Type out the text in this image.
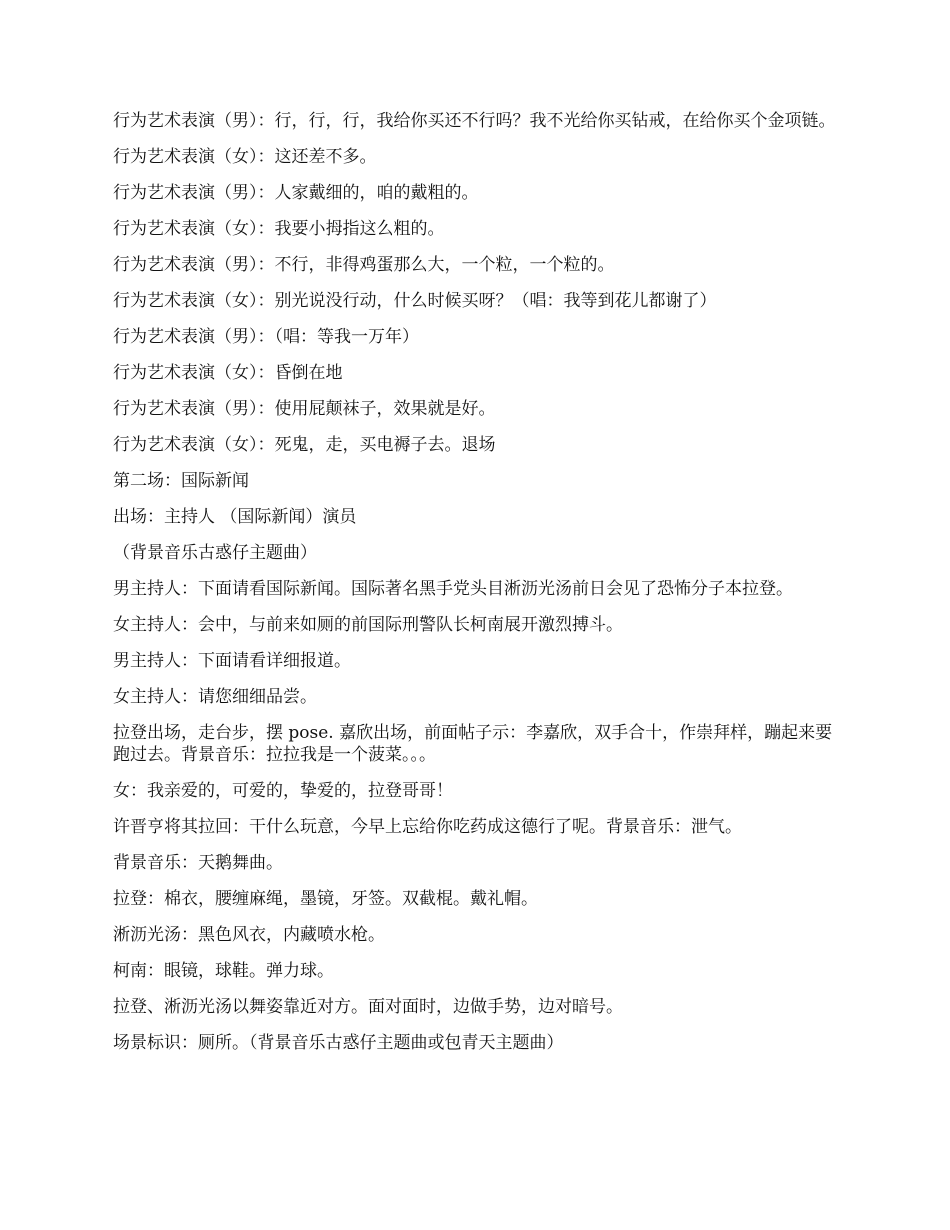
行为艺术表演（男）：行，行，行，我给你买还不行吗？我不光给你买钻戒，在给你买个金项链。

行为艺术表演（女）：这还差不多。

行为艺术表演（男）：人家戴细的，咱的戴粗的。

行为艺术表演（女）：我要小拇指这么粗的。

行为艺术表演（男）：不行，非得鸡蛋那么大，一个粒，一个粒的。

行为艺术表演（女）：别光说没行动，什么时候买呀？（唱：我等到花儿都谢了）

行为艺术表演（男）：（唱：等我一万年）

行为艺术表演（女）：昏倒在地

行为艺术表演（男）：使用屁颠袜子，效果就是好。

行为艺术表演（女）：死鬼，走，买电褥子去。退场

第二场：国际新闻

出场：主持人 （国际新闻）演员

（背景音乐古惑仔主题曲）

男主持人：下面请看国际新闻。国际著名黑手党头目淅沥光汤前日会见了恐怖分子本拉登。

女主持人：会中，与前来如厕的前国际刑警队长柯南展开激烈搏斗。

男主持人：下面请看详细报道。

女主持人：请您细细品尝。

拉登出场，走台步，摆 pose. 嘉欣出场，前面帖子示：李嘉欣，双手合十，作崇拜样，蹦起来要跑过去。背景音乐：拉拉我是一个菠菜。。。

女：我亲爱的，可爱的，挚爱的，拉登哥哥！

许晋亨将其拉回：干什么玩意，今早上忘给你吃药成这德行了呢。背景音乐：泄气。

背景音乐：天鹅舞曲。

拉登：棉衣，腰缠麻绳，墨镜，牙签。双截棍。戴礼帽。

淅沥光汤：黑色风衣，内藏喷水枪。

柯南：眼镜，球鞋。弹力球。

拉登、淅沥光汤以舞姿靠近对方。面对面时，边做手势，边对暗号。

场景标识：厕所。（背景音乐古惑仔主题曲或包青天主题曲）
